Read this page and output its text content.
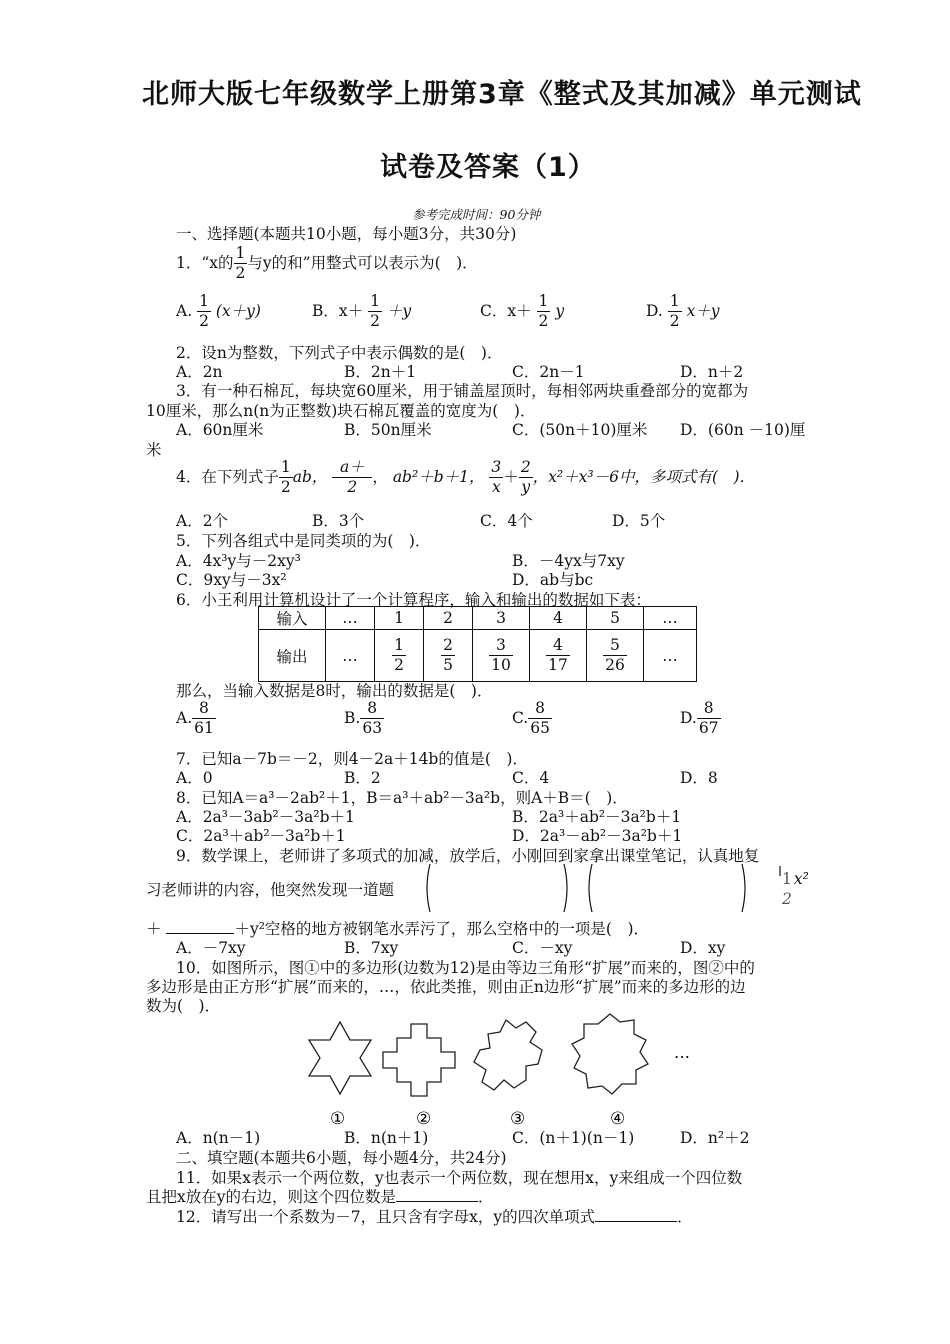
北师大版七年级数学上册第3章《整式及其加减》单元测试
试卷及答案（1）
参考完成时间：90分钟
一、选择题(本题共10小题，每小题3分，共30分)
1．“x的 $\frac{1}{2}$ 与y的和”用整式可以表示为(　)．
A. $\frac{1}{2} (x+y)$	B．$x+ \frac{1}{2} +y$	C．$x+ \frac{1}{2}$ y	D. $\frac{1}{2} x+y$
2．设n为整数，下列式子中表示偶数的是(　)．
A．2n	B．2n＋1	C．2n－1	D．n＋2
3．有一种石棉瓦，每块宽60厘米，用于铺盖屋顶时，每相邻两块重叠部分的宽都为
10厘米，那么n(n为正整数)块石棉瓦覆盖的宽度为(　)．
A．60n厘米	B．50n厘米	C．(50n＋10)厘米 D．(60n －10)厘
米
4．在下列式子 $\frac{1}{2}$ ab， $\frac{a+}{2}$ ， ab²＋b＋1， $\frac{3}{x} + \frac{2}{y}$ ，x²＋x³－6中，多项式有(　)．
A．2个	B．3个	C．4个	D．5个
5．下列各组式中是同类项的为(　)．
A．4x³y与－2xy³	B．－4yx与7xy
C．9xy与－3x²	D．ab与bc
6．小王利用计算机设计了一个计算程序，输入和输出的数据如下表：
输入	…	1	2	3	4	5	…
输出	…	$\frac{1}{2}$	$\frac{2}{5}$	$\frac{3}{10}$	$\frac{4}{17}$	$\frac{5}{26}$	…
那么，当输入数据是8时，输出的数据是(　)．
A. $\frac{8}{61}$	B. $\frac{8}{63}$	C. $\frac{8}{65}$	D. $\frac{8}{67}$
7．已知a－7b＝－2，则4－2a＋14b的值是(　)．
A．0	B．2	C．4	D．8
8．已知A＝a³－2ab²＋1，B＝a³＋ab²－3a²b，则A＋B＝(　)．
A．2a³－3ab²－3a²b＋1	B．2a³＋ab²－3a²b＋1
C．2a³＋ab²－3a²b＋1	D．2a³－ab²－3a²b＋1
9．数学课上，老师讲了多项式的加减，放学后，小刚回到家拿出课堂笔记，认真地复
习老师讲的内容，他突然发现一道题
1
2
x²
＋	＋y²空格的地方被钢笔水弄污了，那么空格中的一项是(　)．
A．－7xy	B．7xy	C．－xy	D．xy
10．如图所示，图①中的多边形(边数为12)是由等边三角形“扩展”而来的，图②中的
多边形是由正方形“扩展”而来的，…，依此类推，则由正n边形“扩展”而来的多边形的边
数为(　)．
…
①	②	③	④
A．n(n－1)	B．n(n＋1)	C．(n＋1)(n－1)	D．n²＋2
二、填空题(本题共6小题，每小题4分，共24分)
11．如果x表示一个两位数，y也表示一个两位数，现在想用x，y来组成一个四位数
且把x放在y的右边，则这个四位数是	．
12．请写出一个系数为－7，且只含有字母x，y的四次单项式	．
